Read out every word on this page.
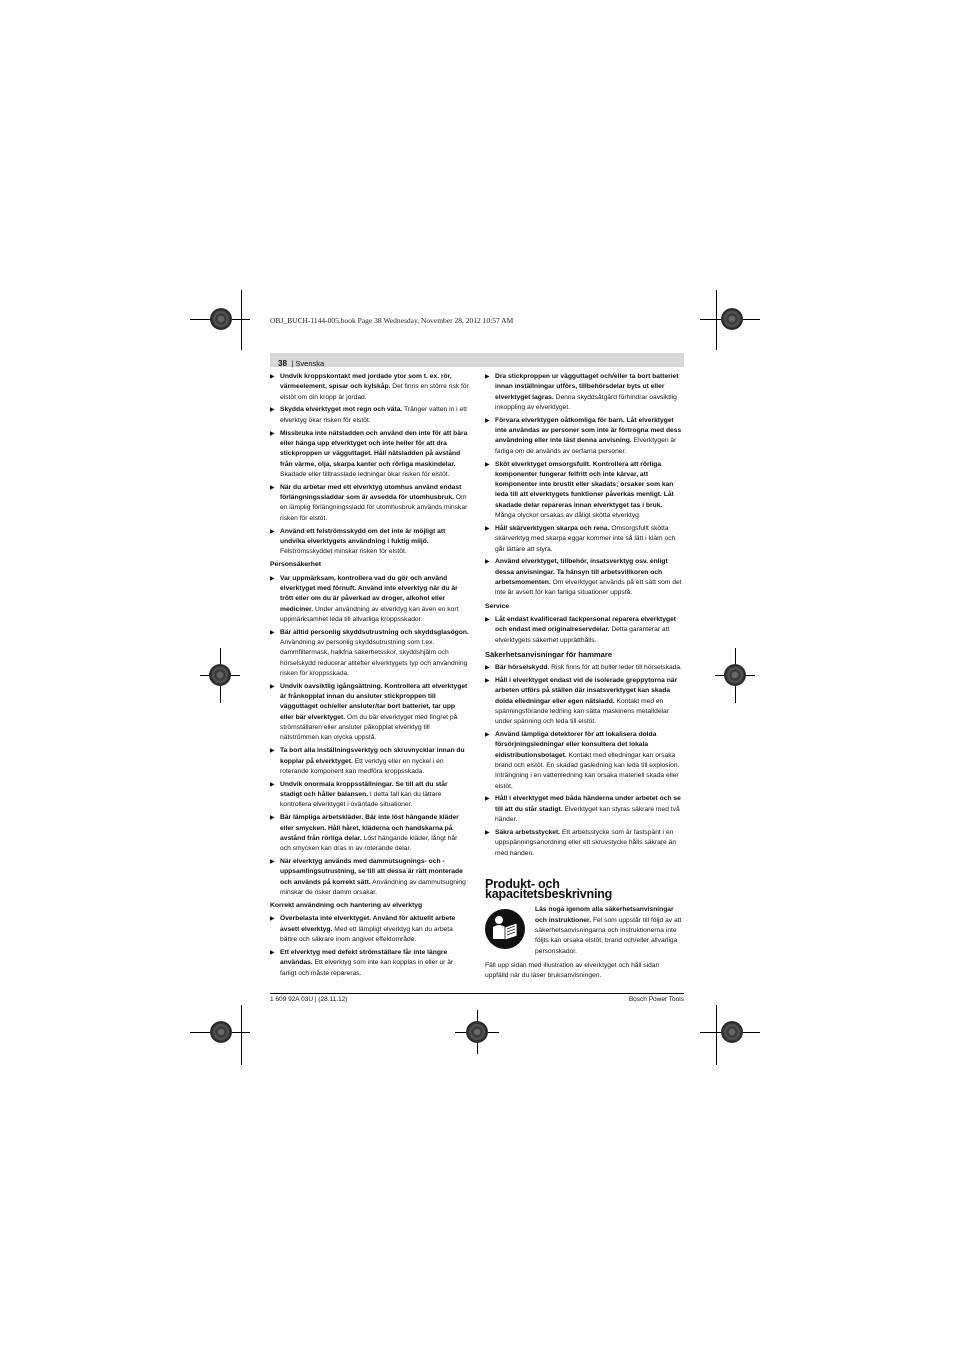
OBJ_BUCH-1144-005.book Page 38 Wednesday, November 28, 2012 10:57 AM
38 | Svenska
▶ Undvik kroppskontakt med jordade ytor som t. ex. rör, värmeelement, spisar och kylskåp. Det finns en större risk för elstöt om din kropp är jordad.
▶ Skydda elverktyget mot regn och väta. Tränger vatten in i ett elverktyg ökar risken för elstöt.
▶ Missbruka inte nätsladden och använd den inte för att bära eller hänga upp elverktyget och inte heller för att dra stickproppen ur vägguttaget. Håll nätsladden på avstånd från värme, olja, skarpa kanter och rörliga maskindelar. Skadade eller tilltrasslade ledningar ökar risken för elstöt.
▶ När du arbetar med ett elverktyg utomhus använd endast förlängningssladdar som är avsedda för utomhusbruk. Om en lämplig förlängningssladd för utomhusbruk används minskar risken för elstöt.
▶ Använd ett felströmsskydd om det inte är möjligt att undvika elverktygets användning i fuktig miljö. Felströmsskyddet minskar risken för elstöt.
Personsäkerhet
▶ Var uppmärksam, kontrollera vad du gör och använd elverktyget med förnuft. Använd inte elverktyg när du är trött eller om du är påverkad av droger, alkohol eller mediciner. Under användning av elverktyg kan även en kort uppmärksamhet leda till allvarliga kroppsskador.
▶ Bär alltid personlig skyddsutrustning och skyddsglasögon. Användning av personlig skyddsutrustning som t.ex. dammfiltermask, halkfria säkerhetsskor, skyddshjälm och hörselskydd reducerar alltefter elverktygets typ och användning risken för kroppsskada.
▶ Undvik oavsiktlig igångsättning. Kontrollera att elverktyget är frånkopplat innan du ansluter stickproppen till vägguttaget och/eller ansluter/tar bort batteriet, tar upp eller bär elverktyget. Om du bär elverktyget med fingret på strömställaren eller ansluter påkopplat elverktyg till nätströmmen kan olycka uppstå.
▶ Ta bort alla inställningsverktyg och skruvnycklar innan du kopplar på elverktyget. Ett verktyg eller en nyckel i en roterande komponent kan medföra kroppsskada.
▶ Undvik onormala kroppsställningar. Se till att du står stadigt och håller balansen. I detta fall kan du lättare kontrollera elverktyget i oväntade situationer.
▶ Bär lämpliga arbetskläder. Bär inte löst hängande kläder eller smycken. Håll håret, kläderna och handskarna på avstånd från rörliga delar. Löst hängande kläder, långt hår och smycken kan dras in av roterande delar.
▶ När elverktyg används med dammutsugnings- och -uppsamlingsutrustning, se till att dessa är rätt monterade och används på korrekt sätt. Användning av dammutsugning minskar de risker damm orsakar.
Korrekt användning och hantering av elverktyg
▶ Överbelasta inte elverktyget. Använd för aktuellt arbete avsett elverktyg. Med ett lämpligt elverktyg kan du arbeta bättre och säkrare inom angivet effektområde.
▶ Ett elverktyg med defekt strömställare får inte längre användas. Ett elverktyg som inte kan kopplas in eller ur är farligt och måste repareras.
▶ Dra stickproppen ur vägguttaget och/eller ta bort batteriet innan inställningar utförs, tillbehörsdelar byts ut eller elverktyget lagras. Denna skyddsåtgärd förhindrar oavsiktlig inkoppling av elverktyget.
▶ Förvara elverktygen oåtkomliga för barn. Låt elverktyget inte användas av personer som inte är förtrogna med dess användning eller inte läst denna anvisning. Elverktygen är farliga om de används av oerfarna personer.
▶ Sköt elverktyget omsorgsfullt. Kontrollera att rörliga komponenter fungerar felfritt och inte kärvar, att komponenter inte brustit eller skadats; orsaker som kan leda till att elverktygets funktioner påverkas menligt. Låt skadade delar repareras innan elverktyget tas i bruk. Många olyckor orsakas av dåligt skötta elverktyg.
▶ Håll skärverktygen skarpa och rena. Omsorgsfullt skötta skärverktyg med skarpa eggar kommer inte så lätt i kläm och går lättare att styra.
▶ Använd elverktyget, tillbehör, insatsverktyg osv. enligt dessa anvisningar. Ta hänsyn till arbetsvillkoren och arbetsmomenten. Om elverktyget används på ett sätt som det inte är avsett för kan farliga situationer uppstå.
Service
▶ Låt endast kvalificerad fackpersonal reparera elverktyget och endast med originalreservdelar. Detta garanterar att elverktygets säkerhet upprätthålls.
Säkerhetsanvisningar för hammare
▶ Bär hörselskydd. Risk finns för att buller leder till hörselskada.
▶ Håll i elverktyget endast vid de isolerade greppytorna när arbeten utförs på ställen där insatsverktyget kan skada dolda elledningar eller egen nätsladd. Kontakt med en spänningsförande ledning kan sätta maskinens metalldelar under spänning och leda till elstöt.
▶ Använd lämpliga detektorer för att lokalisera dolda försörjningsledningar eller konsultera det lokala eldistributionsbolaget. Kontakt med elledningar kan orsaka brand och elstöt. En skadad gasledning kan leda till explosion. Inträngning i en vattenledning kan orsaka materiell skada eller elstöt.
▶ Håll i elverktyget med båda händerna under arbetet och se till att du står stadigt. Elverktyget kan styras säkrare med två händer.
▶ Säkra arbetsstycket. Ett arbetsstycke som är fastspänt i en uppspänningsanordning eller ett skruvstycke hålls säkrare än med handen.
Produkt- och kapacitetsbeskrivning
Läs noga igenom alla säkerhetsanvisningar och instruktioner. Fel som uppstår till följd av att säkerhetsanvisningarna och instruktionerna inte följts kan orsaka elstöt, brand och/eller allvarliga personskador.
Fäll upp sidan med illustration av elverktyget och håll sidan uppfälld när du läser bruksanvisningen.
1 609 92A 03U | (28.11.12)	Bosch Power Tools
